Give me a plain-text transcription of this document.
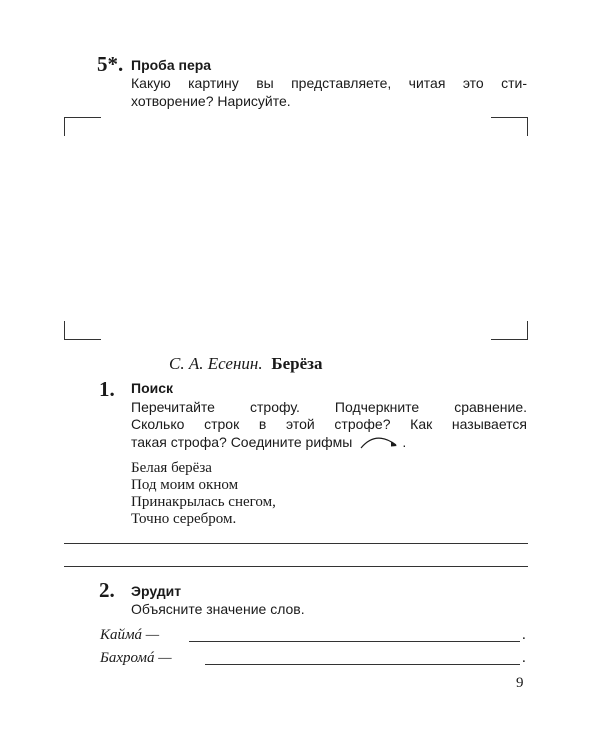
5*. Проба пера
Какую картину вы представляете, читая это сти-
хотворение? Нарисуйте.
С. А. Есенин. Берёза
1. Поиск
Перечитайте строфу. Подчеркните сравнение.
Сколько строк в этой строфе? Как называется
такая строфа? Соедините рифмы	.
Белая берёза
Под моим окном
Принакрылась снегом,
Точно серебром.
2. Эрудит
Объясните значение слов.
Каймá —	.
Бахромá —	.
9
